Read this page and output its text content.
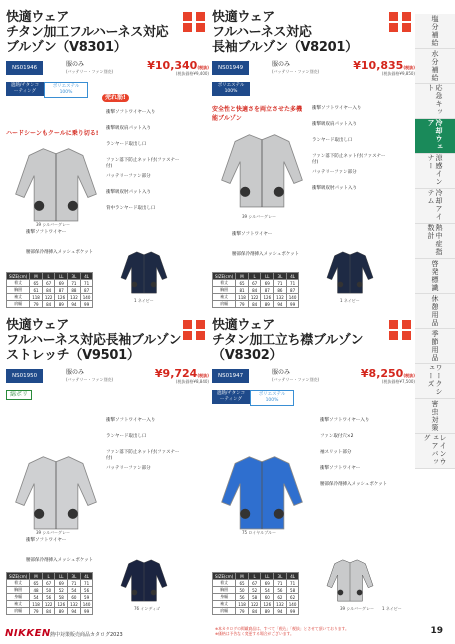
快適ウェア
チタン加工フルハーネス対応
ブルゾン（V8301）
NS01946	服のみ
(バッテリー・ファン別売)	¥10,340(税抜)
(税抜価格¥9,400)
遮熱/チタンコーティング
ポリエステル100%
売れ筋!
ハードシーンもクールに乗り切る!
39 シルバーグレー
1 ネイビー
衝撃ソフトワイヤー入り
衝撃吸収肩パット入り
ランヤード取出し口
ファン落下防止ネット付(ファスナー付)
バッテリーファン部分
衝撃吸収肘パット入り
背中ランヤード取出し口
衝撃ソフトワイヤー
腰部保冷剤挿入メッシュポケット
SIZE(cm)	M	L	LL	3L	4L
着丈	65	67	69	71	71
胸囲	61	84	87	88	87
袖丈	118	122	126	132	140
肩幅	79	84	89	94	99
快適ウェア
フルハーネス対応
長袖ブルゾン（V8201）
NS01949	服のみ
(バッテリー・ファン別売)	¥10,835(税抜)
(税抜価格¥9,850)
ポリエステル100%
安全性と快適さを両立させた多機能ブルゾン
39 シルバーグレー
1 ネイビー
衝撃ソフトワイヤー入り
衝撃吸収肩パット入り
ランヤード取出し口
ファン落下防止ネット付(ファスナー付)
バッテリーファン部分
衝撃吸収肘パット入り
衝撃ソフトワイヤー
腰部保冷剤挿入メッシュポケット
SIZE(cm)	M	L	LL	3L	4L
着丈	65	67	69	71	71
胸囲	81	84	87	86	87
袖丈	118	122	126	132	140
肩幅	79	84	89	94	99
快適ウェア
フルハーネス対応長袖ブルゾン
ストレッチ（V9501）
NS01950	服のみ
(バッテリー・ファン別売)	¥9,724(税抜)
(税抜価格¥8,840)
綿ポリ
39 シルバーグレー
76 インディゴ
衝撃ソフトワイヤー入り
ランヤード取出し口
ファン落下防止ネット付(ファスナー付)
バッテリーファン部分
衝撃ソフトワイヤー
腰部保冷剤挿入メッシュポケット
SIZE(cm)	M	L	LL	3L	4L
着丈	65	67	69	71	71
胸囲	48	50	52	54	56
身幅	54	56	58	60	59
袖丈	118	122	126	132	140
肩幅	79	84	89	94	99
快適ウェア
チタン加工立ち襟ブルゾン
（V8302）
NS01947	服のみ
(バッテリー・ファン別売)	¥8,250(税抜)
(税抜価格¥7,500)
遮熱/チタンコーティング
ポリエステル100%
75 ロイヤルブルー
39 シルバーグレー 1 ネイビー
衝撃ソフトワイヤー入り
ファン取付穴×2
袖スリット部分
衝撃ソフトワイヤー
腰部保冷剤挿入メッシュポケット
SIZE(cm)	M	L	LL	3L	4L
着丈	65	67	69	71	71
胸囲	50	52	54	56	58
身幅	56	58	60	62	62
袖丈	118	122	126	132	140
肩幅	79	84	89	94	99
塩分補給
水分補給
応急キット
冷却ウェア
涼感インナー
冷却アイテム
熱中症指数計
啓発標識
休憩用品
季節用品
ワークシューズ
害虫対策
レインウェアバッグ
NIKKEN 熱中対策販売商品カタログ2023
※本カタログの掲載商品は、すべて「税込」「税抜」とさせて頂いております。
※価格は予告なく変更する場合がございます。	19
